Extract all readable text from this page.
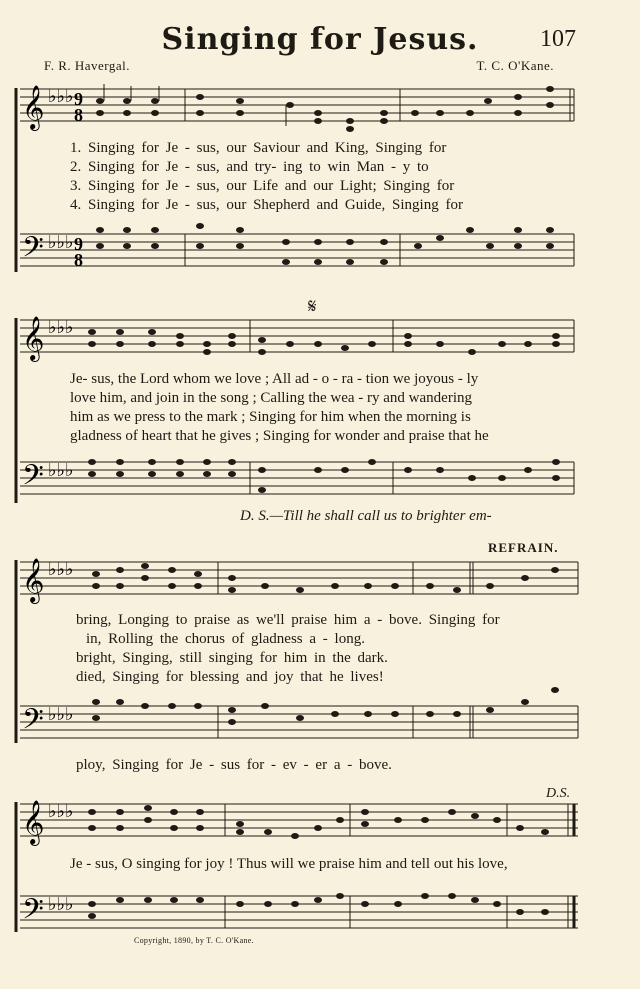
Singing for Jesus.	107
F. R. Havergal.	T. C. O'Kane.
𝄞
𝄢
♭♭♭
♭♭♭
9
8
9
8
𝄞
𝄢
♭♭♭
♭♭♭
𝄞
𝄢
♭♭♭
♭♭♭
𝄞
𝄢
♭♭♭
♭♭♭
1. Singing for Je - sus, our Saviour and King, Singing for
2. Singing for Je - sus, and try- ing to win Man - y to
3. Singing for Je - sus, our Life and our Light; Singing for
4. Singing for Je - sus, our Shepherd and Guide, Singing for
𝄋
Je- sus, the Lord whom we love ; All ad - o - ra - tion we joyous - ly
love him, and join in the song ; Calling the wea - ry and wandering
him as we press to the mark ; Singing for him when the morning is
gladness of heart that he gives ; Singing for wonder and praise that he
D. S.—Till he shall call us to brighter em-
REFRAIN.
bring, Longing to praise as we'll praise him a - bove. Singing for
in, Rolling the chorus of gladness a - long.
bright, Singing, still singing for him in the dark.
died, Singing for blessing and joy that he lives!
ploy, Singing for Je - sus for - ev - er a - bove.
D.S.
Je - sus, O singing for joy ! Thus will we praise him and tell out his love,
Copyright, 1890, by T. C. O'Kane.
